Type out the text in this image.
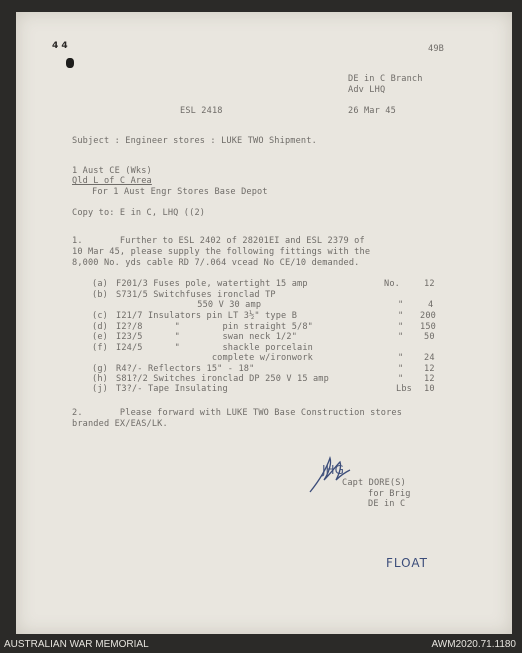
4 4	49B
DE in C Branch
Adv LHQ
ESL 2418	26 Mar 45
Subject : Engineer stores : LUKE TWO Shipment.
1 Aust CE (Wks)
Qld L of C Area
For 1 Aust Engr Stores Base Depot
Copy to: E in C, LHQ ((2)
1.       Further to ESL 2402 of 28201EI and ESL 2379 of
10 Mar 45, please supply the following fittings with the
8,000 No. yds cable RD 7/.064 vcead No CE/10 demanded.
(a) F201/3 Fuses pole, watertight 15 amp	No.	12
(b) S731/5 Switchfuses ironclad TP
550 V 30 amp	"	4
(c) I21/7 Insulators pin LT 3½" type B	" 200
(d) I2?/8      "        pin straight 5/8"	" 150
(e) I23/5      "        swan neck 1/2"	" 50
(f) I24/5      "        shackle porcelain
complete w/ironwork	" 24
(g) R4?/- Reflectors 15" - 18"	" 12
(h) S81?/2 Switches ironclad DP 250 V 15 amp	" 12
(j) T3?/- Tape Insulating	Lbs 10
2.       Please forward with LUKE TWO Base Construction stores
branded EX/EAS/LK.
JHG
Capt DORE(S)
for Brig
DE in C
FLOAT
AUSTRALIAN WAR MEMORIAL	AWM2020.71.1180
